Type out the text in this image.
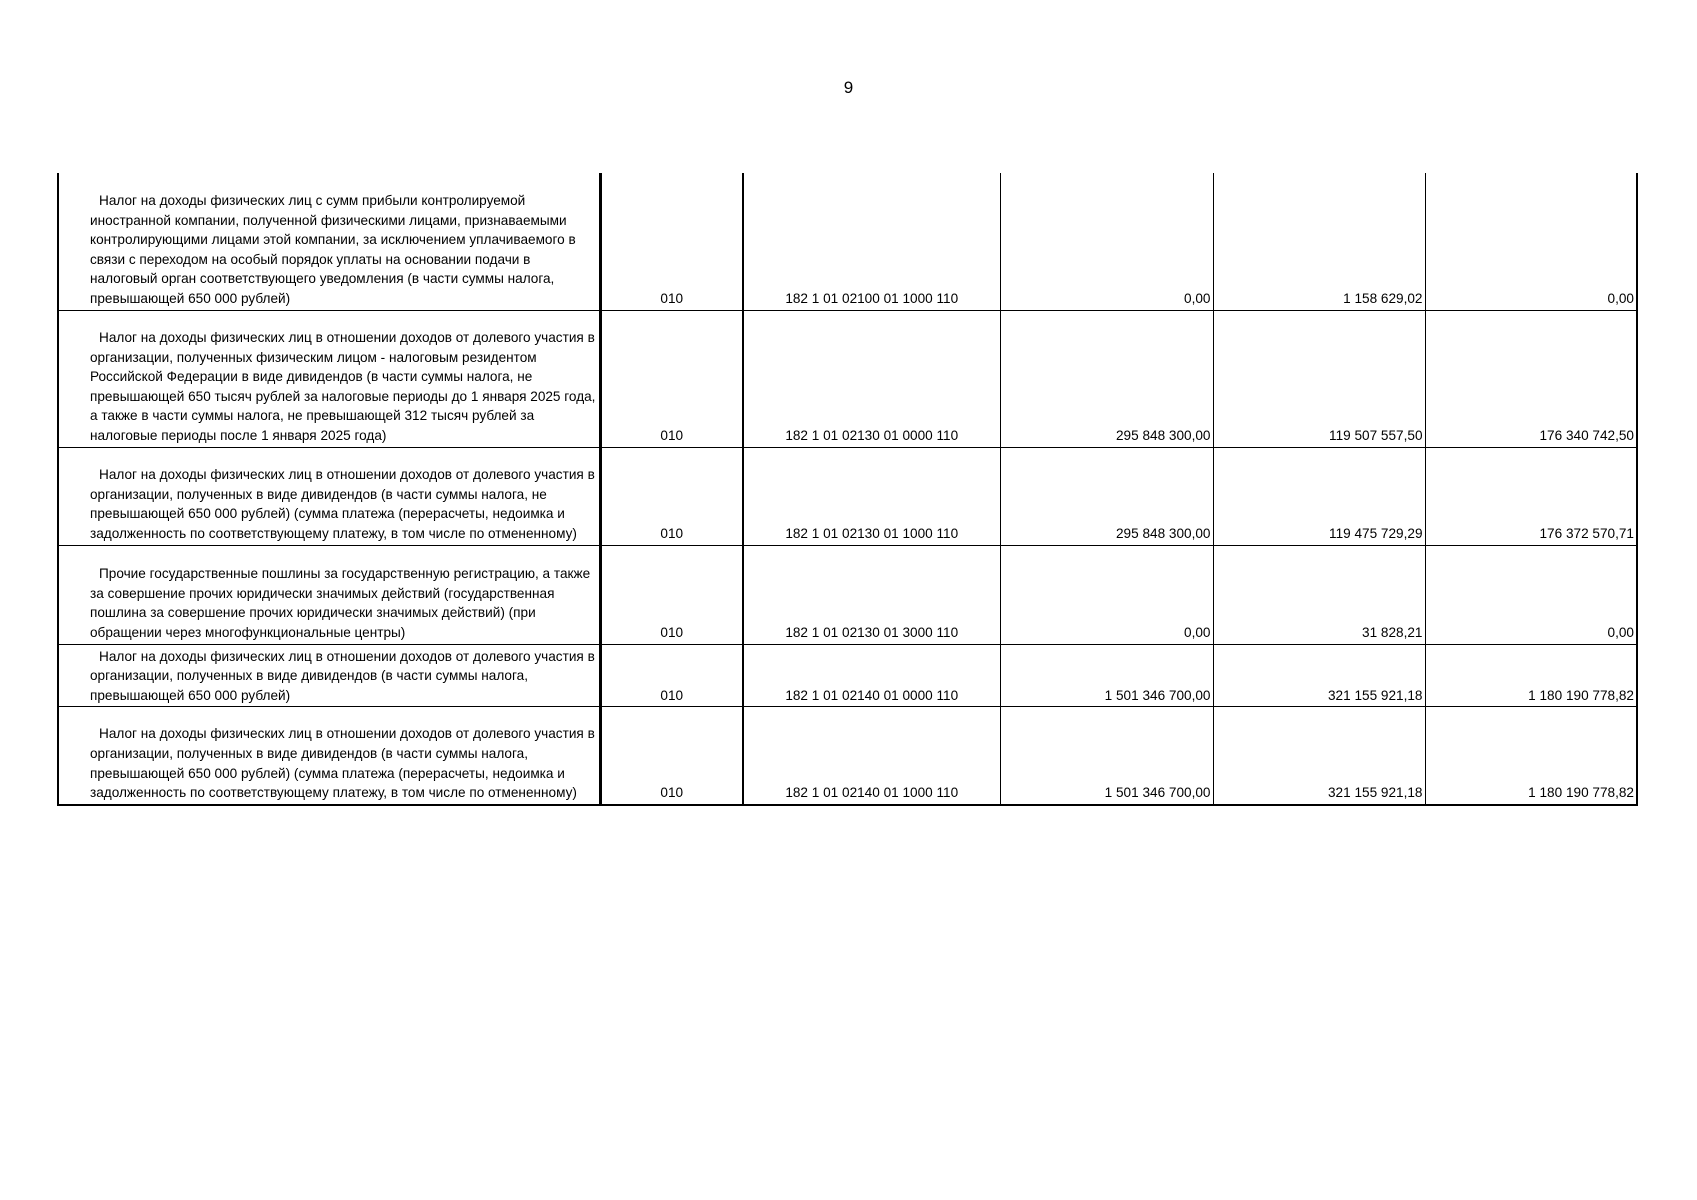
9
Налог на доходы физических лиц с сумм прибыли контролируемой иностранной компании, полученной физическими лицами, признаваемыми контролирующими лицами этой компании, за исключением уплачиваемого в связи с переходом на особый порядок уплаты на основании подачи в налоговый орган соответствующего уведомления (в части суммы налога, превышающей 650 000 рублей)	010	182 1 01 02100 01 1000 110	0,00	1 158 629,02	0,00
Налог на доходы физических лиц в отношении доходов от долевого участия в организации, полученных физическим лицом - налоговым резидентом Российской Федерации в виде дивидендов (в части суммы налога, не превышающей 650 тысяч рублей за налоговые периоды до 1 января 2025 года, а также в части суммы налога, не превышающей 312 тысяч рублей за налоговые периоды после 1 января 2025 года)	010	182 1 01 02130 01 0000 110	295 848 300,00	119 507 557,50	176 340 742,50
Налог на доходы физических лиц в отношении доходов от долевого участия в организации, полученных в виде дивидендов (в части суммы налога, не превышающей 650 000 рублей) (сумма платежа (перерасчеты, недоимка и задолженность по соответствующему платежу, в том числе по отмененному)	010	182 1 01 02130 01 1000 110	295 848 300,00	119 475 729,29	176 372 570,71
Прочие государственные пошлины за государственную регистрацию, а также за совершение прочих юридически значимых действий (государственная пошлина за совершение прочих юридически значимых действий) (при обращении через многофункциональные центры)	010	182 1 01 02130 01 3000 110	0,00	31 828,21	0,00
Налог на доходы физических лиц в отношении доходов от долевого участия в организации, полученных в виде дивидендов (в части суммы налога, превышающей 650 000 рублей)	010	182 1 01 02140 01 0000 110	1 501 346 700,00	321 155 921,18	1 180 190 778,82
Налог на доходы физических лиц в отношении доходов от долевого участия в организации, полученных в виде дивидендов (в части суммы налога, превышающей 650 000 рублей) (сумма платежа (перерасчеты, недоимка и задолженность по соответствующему платежу, в том числе по отмененному)	010	182 1 01 02140 01 1000 110	1 501 346 700,00	321 155 921,18	1 180 190 778,82
